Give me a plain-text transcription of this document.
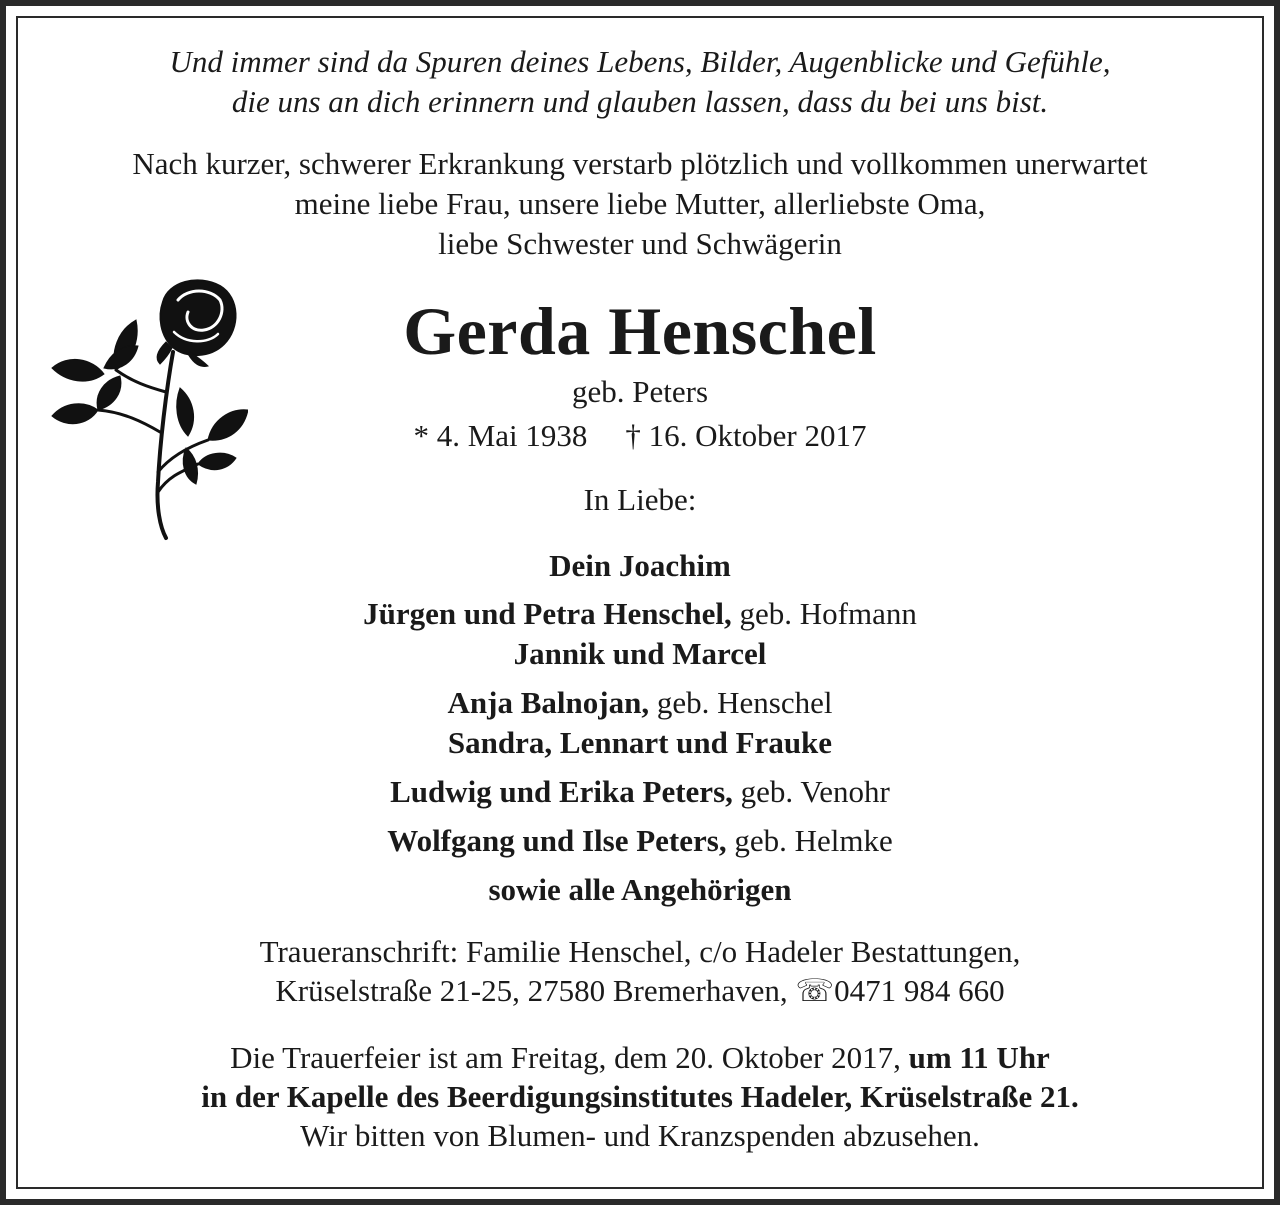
Und immer sind da Spuren deines Lebens, Bilder, Augenblicke und Gefühle,
die uns an dich erinnern und glauben lassen, dass du bei uns bist.
Nach kurzer, schwerer Erkrankung verstarb plötzlich und vollkommen unerwartet
meine liebe Frau, unsere liebe Mutter, allerliebste Oma,
liebe Schwester und Schwägerin
Gerda Henschel
geb. Peters
* 4. Mai 1938 † 16. Oktober 2017
In Liebe:
Dein Joachim
Jürgen und Petra Henschel, geb. Hofmann
Jannik und Marcel
Anja Balnojan, geb. Henschel
Sandra, Lennart und Frauke
Ludwig und Erika Peters, geb. Venohr
Wolfgang und Ilse Peters, geb. Helmke
sowie alle Angehörigen
Traueranschrift: Familie Henschel, c/o Hadeler Bestattungen,
Krüselstraße 21-25, 27580 Bremerhaven, ☏0471 984 660
Die Trauerfeier ist am Freitag, dem 20. Oktober 2017, um 11 Uhr
in der Kapelle des Beerdigungsinstitutes Hadeler, Krüselstraße 21.
Wir bitten von Blumen- und Kranzspenden abzusehen.
